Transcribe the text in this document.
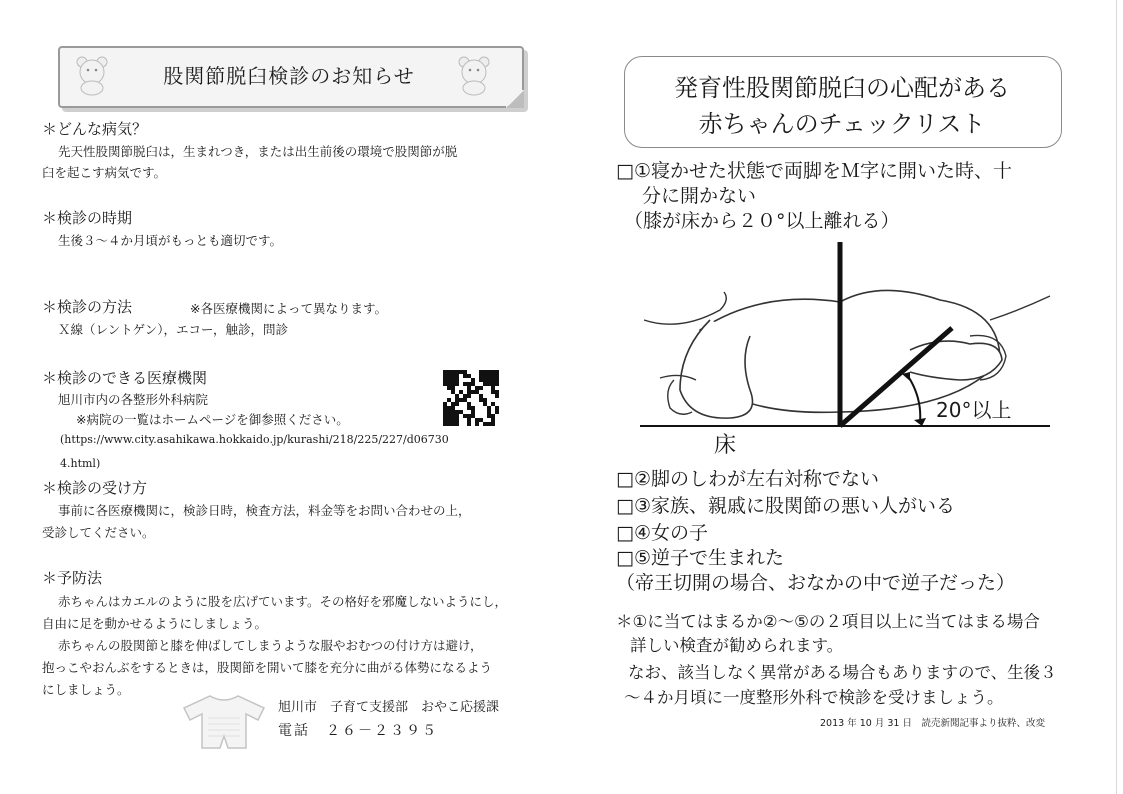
股関節脱臼検診のお知らせ
＊どんな病気？
先天性股関節脱臼は，生まれつき，または出生前後の環境で股関節が脱
臼を起こす病気です。
＊検診の時期
生後３～４か月頃がもっとも適切です。
＊検診の方法	※各医療機関によって異なります。
Ｘ線（レントゲン），エコー，触診，問診
＊検診のできる医療機関
旭川市内の各整形外科病院
※病院の一覧はホームページを御参照ください。
(https://www.city.asahikawa.hokkaido.jp/kurashi/218/225/227/d06730
4.html)
＊検診の受け方
事前に各医療機関に，検診日時，検査方法，料金等をお問い合わせの上，
受診してください。
＊予防法
赤ちゃんはカエルのように股を広げています。その格好を邪魔しないようにし，
自由に足を動かせるようにしましょう。
赤ちゃんの股関節と膝を伸ばしてしまうような服やおむつの付け方は避け，
抱っこやおんぶをするときは，股関節を開いて膝を充分に曲がる体勢になるよう
にしましょう。
旭川市　子育て支援部　おやこ応援課
電話　２６－２３９５
発育性股関節脱臼の心配がある
赤ちゃんのチェックリスト
□①寝かせた状態で両脚をＭ字に開いた時、十
分に開かない
（膝が床から２０°以上離れる）
20°以上
床
□②脚のしわが左右対称でない
□③家族、親戚に股関節の悪い人がいる
□④女の子
□⑤逆子で生まれた
（帝王切開の場合、おなかの中で逆子だった）
＊①に当てはまるか②～⑤の２項目以上に当てはまる場合
詳しい検査が勧められます。
なお、該当しなく異常がある場合もありますので、生後３
～４か月頃に一度整形外科で検診を受けましょう。
2013 年 10 月 31 日　読売新聞記事より抜粋、改変
